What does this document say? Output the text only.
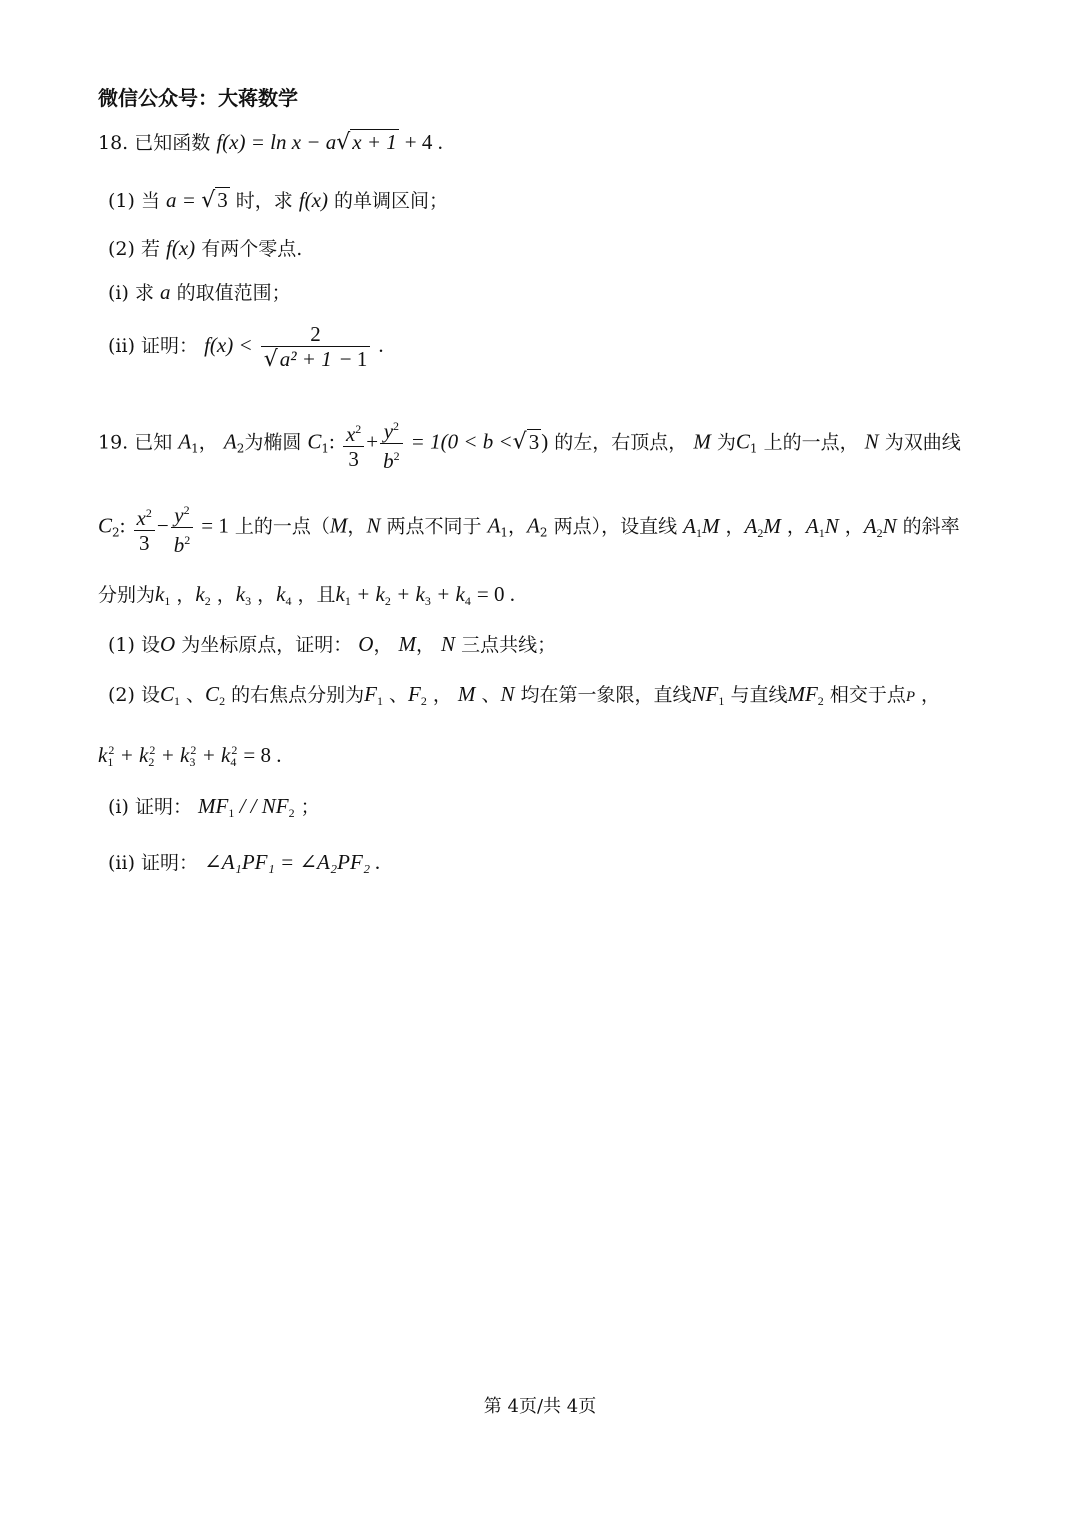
微信公众号：大蒋数学
18. 已知函数 f(x) = ln x − a√x + 1 + 4 .
(1) 当 a = √3 时，求 f(x) 的单调区间；
(2) 若 f(x) 有两个零点.
(i) 求 a 的取值范围；
(ii) 证明： $f(x) < \frac{2}{\text{√a² + 1 − 1}}$ .
19. 已知 $A_1$， $A_2$为椭圆 $C_1$: $\frac{x^2}{3} + \frac{y^2}{b^2} = 1(0 < b <√3)$ 的左，右顶点， M 为$C_1$ 上的一点， N 为双曲线
$C_2$: $\frac{x^2}{3} - \frac{y^2}{b^2} = 1$ 上的一点（M，N 两点不同于 $A_1$，$A_2$ 两点），设直线 $A_1M$ ，$A_2M$ ，$A_1N$ ，$A_2N$ 的斜率
分别为$k_1$ ，$k_2$ ，$k_3$ ，$k_4$ ，且$k_1 + k_2 + k_3 + k_4 = 0$ .
(1) 设O 为坐标原点，证明： O， M， N 三点共线；
(2) 设$C_1$ 、$C_2$ 的右焦点分别为$F_1$ 、$F_2$ ， M 、N 均在第一象限，直线$NF_1$ 与直线$MF_2$ 相交于点P ，
$k_1^2 + k_2^2 + k_3^2 + k_4^2 = 8$ .
(i) 证明： $MF_1$ / / $NF_2$ ；
(ii) 证明： ∠A₁PF₁ = ∠A₂PF₂ .
第 4页/共 4页
